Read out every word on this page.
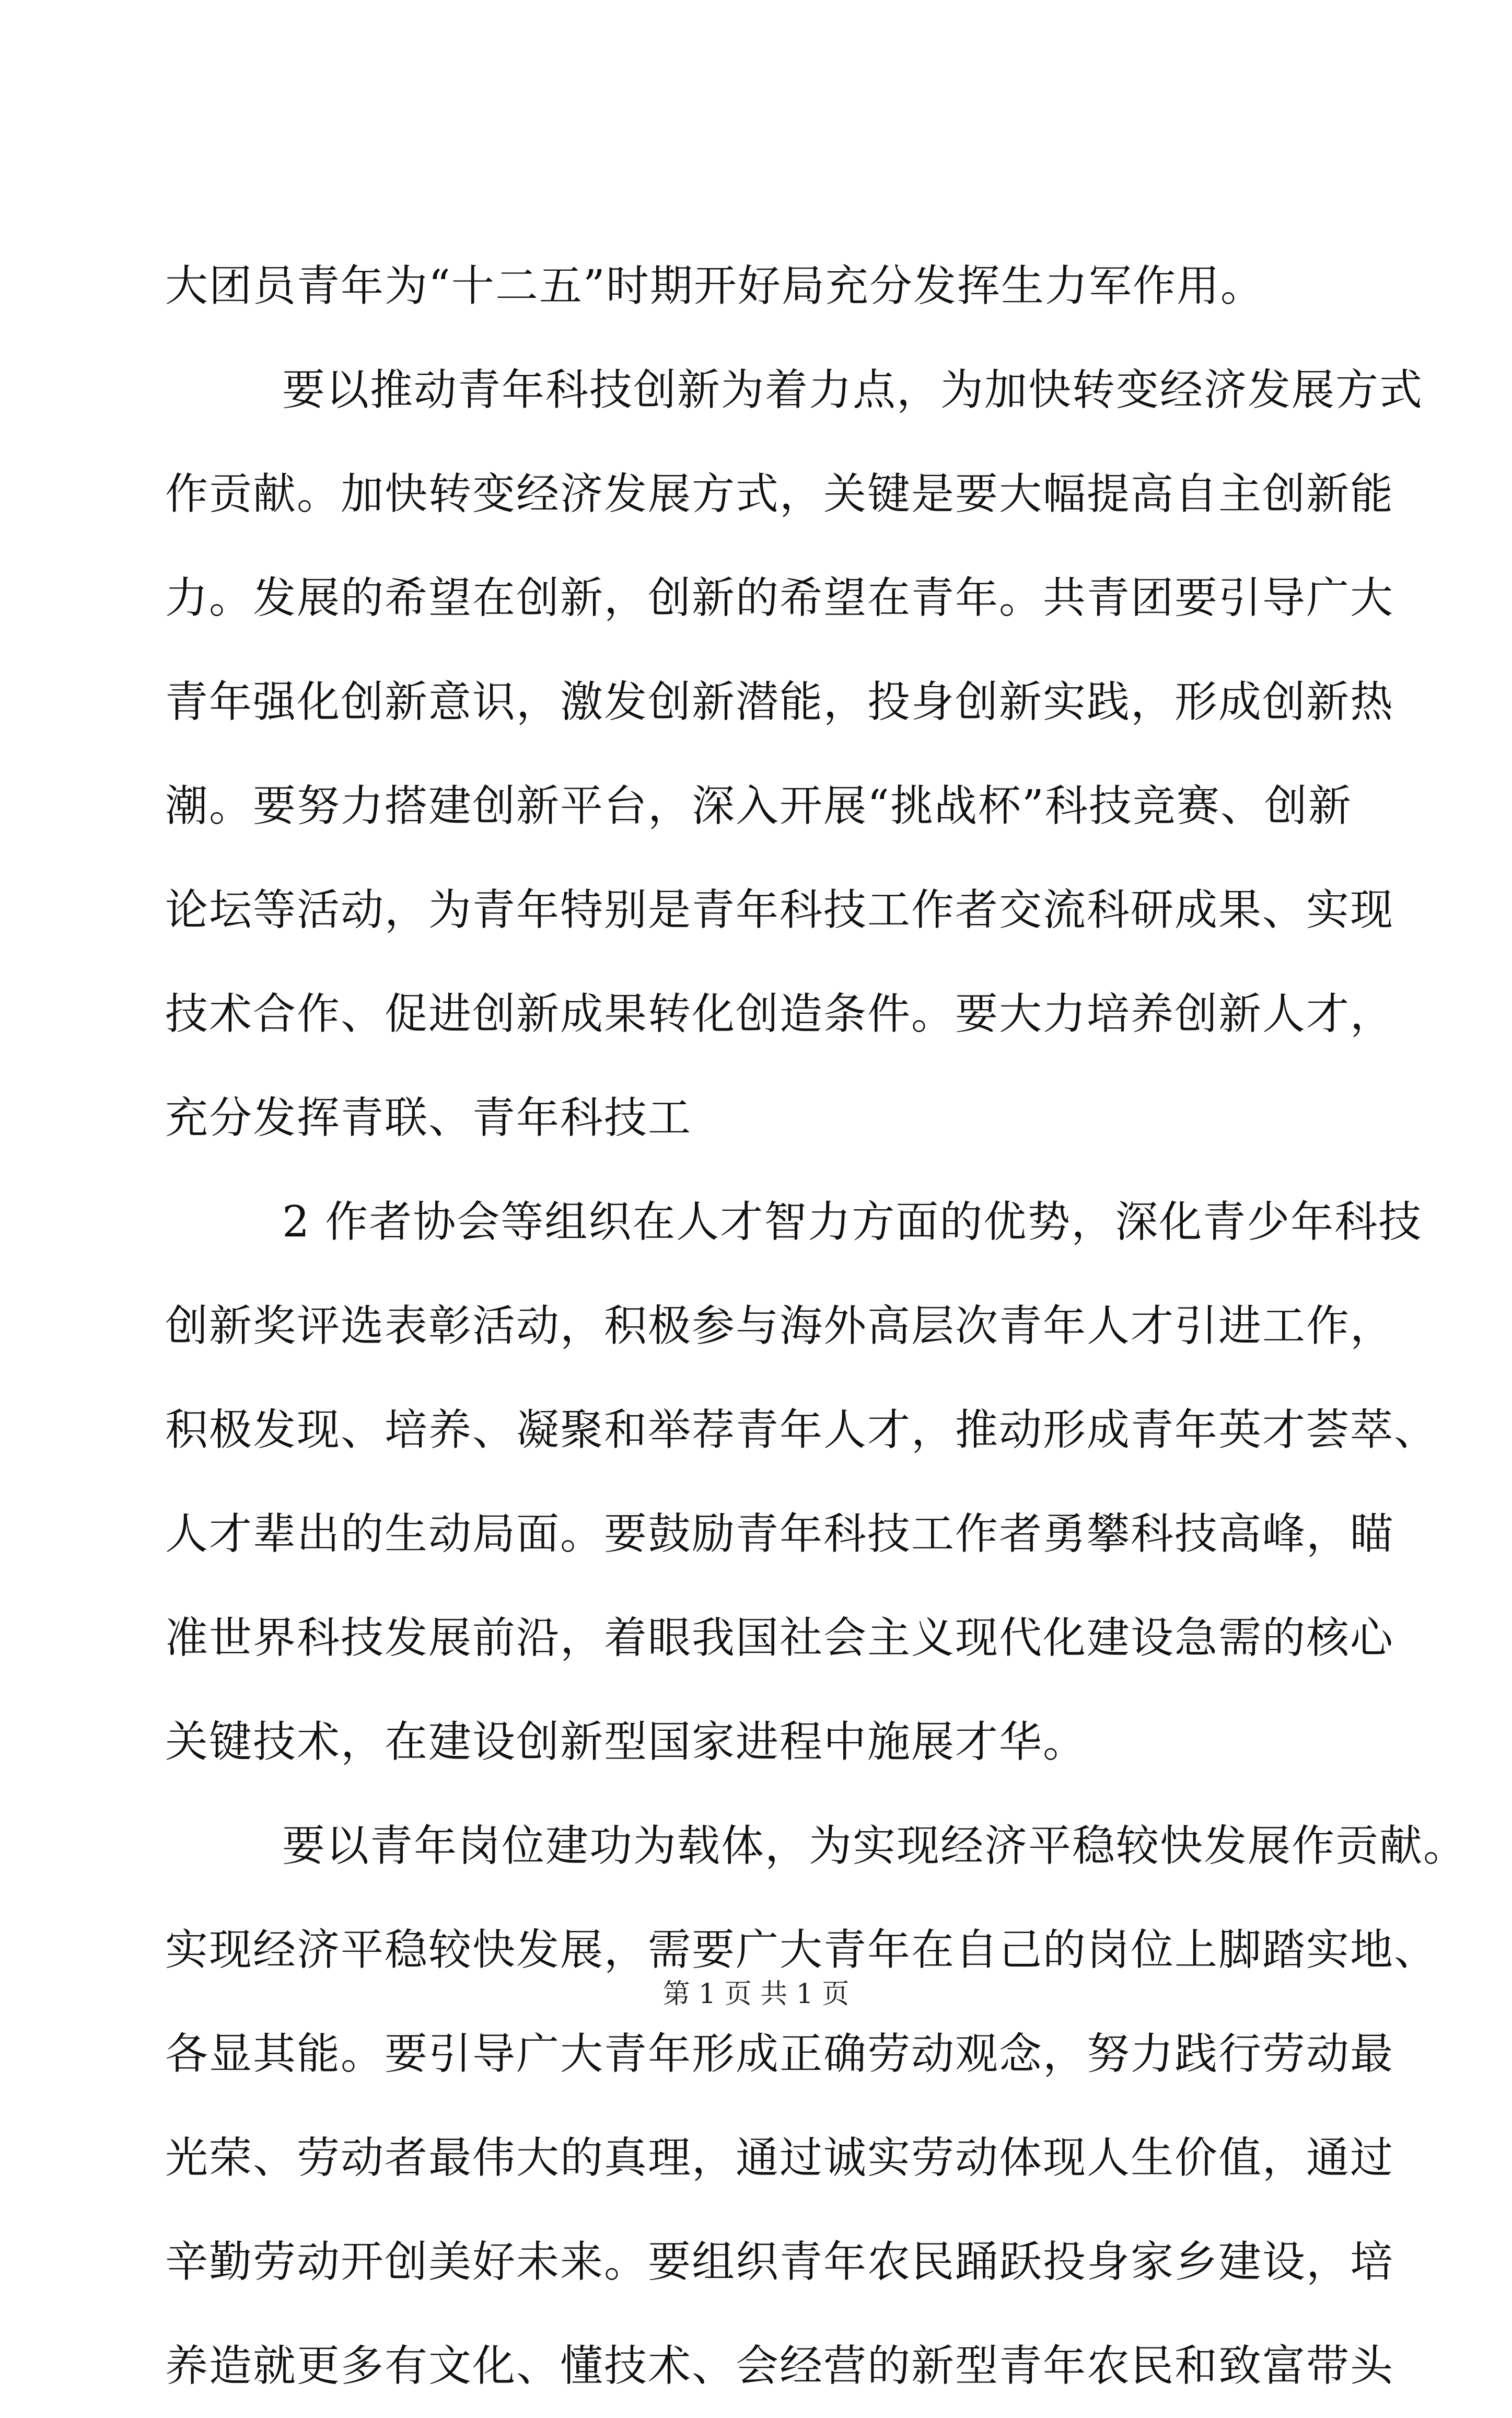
大团员青年为“十二五”时期开好局充分发挥生力军作用。
要以推动青年科技创新为着力点，为加快转变经济发展方式
作贡献。加快转变经济发展方式，关键是要大幅提高自主创新能
力。发展的希望在创新，创新的希望在青年。共青团要引导广大
青年强化创新意识，激发创新潜能，投身创新实践，形成创新热
潮。要努力搭建创新平台，深入开展“挑战杯”科技竞赛、创新
论坛等活动，为青年特别是青年科技工作者交流科研成果、实现
技术合作、促进创新成果转化创造条件。要大力培养创新人才，
充分发挥青联、青年科技工
2 作者协会等组织在人才智力方面的优势，深化青少年科技
创新奖评选表彰活动，积极参与海外高层次青年人才引进工作，
积极发现、培养、凝聚和举荐青年人才，推动形成青年英才荟萃、
人才辈出的生动局面。要鼓励青年科技工作者勇攀科技高峰，瞄
准世界科技发展前沿，着眼我国社会主义现代化建设急需的核心
关键技术，在建设创新型国家进程中施展才华。
要以青年岗位建功为载体，为实现经济平稳较快发展作贡献。
实现经济平稳较快发展，需要广大青年在自己的岗位上脚踏实地、
各显其能。要引导广大青年形成正确劳动观念，努力践行劳动最
光荣、劳动者最伟大的真理，通过诚实劳动体现人生价值，通过
辛勤劳动开创美好未来。要组织青年农民踊跃投身家乡建设，培
养造就更多有文化、懂技术、会经营的新型青年农民和致富带头
第 1 页 共 1 页
